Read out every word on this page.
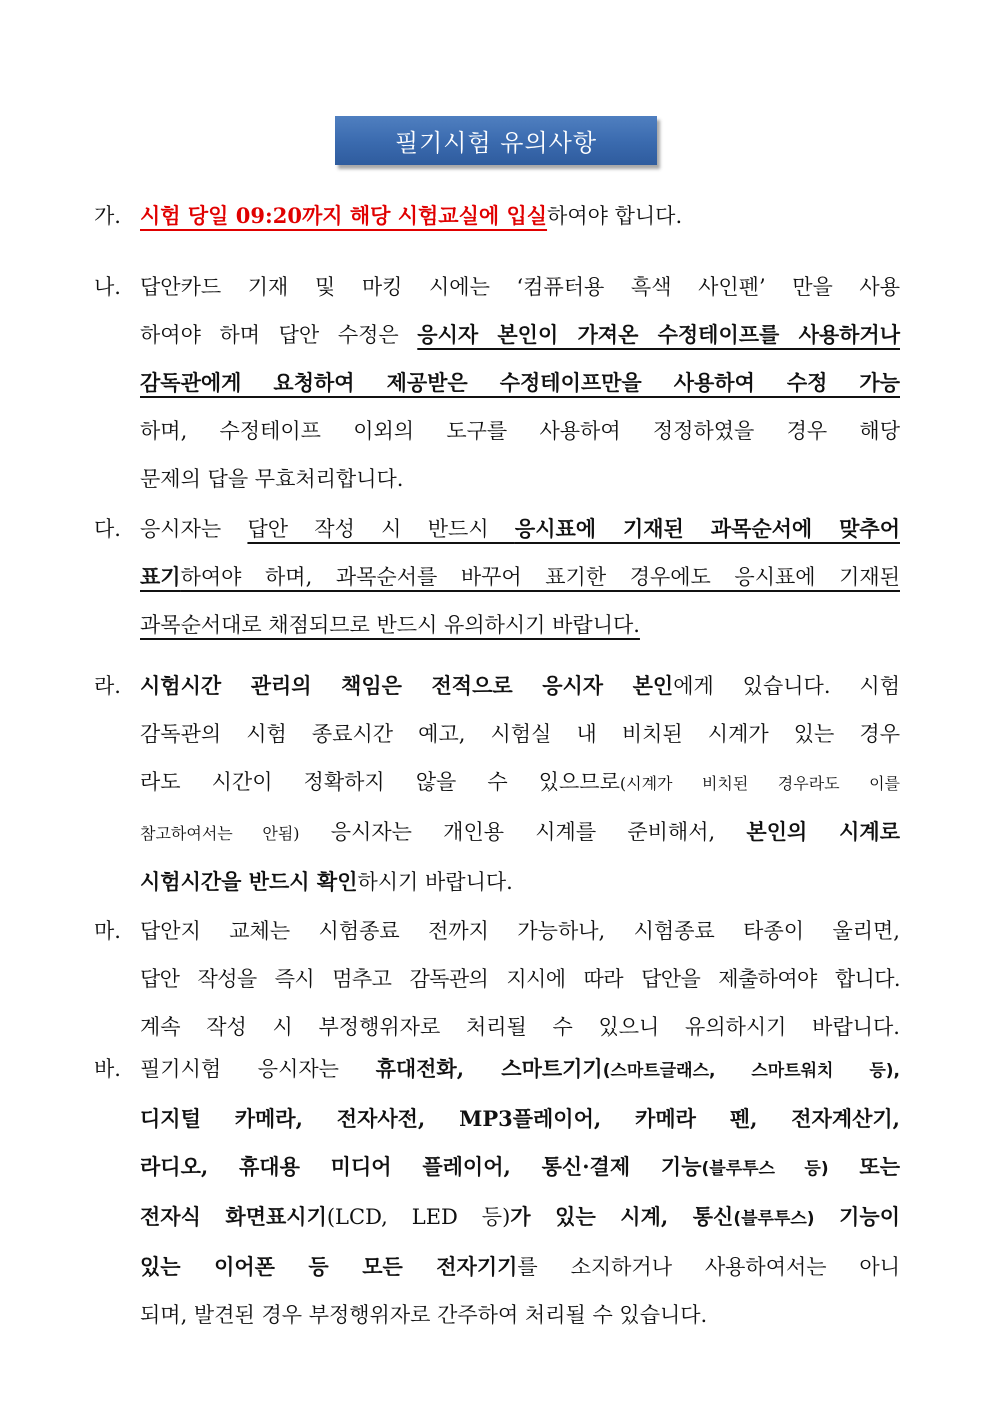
필기시험 유의사항
가. 시험 당일 09:20까지 해당 시험교실에 입실하여야 합니다.
나. 답안카드 기재 및 마킹 시에는 ‘컴퓨터용 흑색 사인펜’ 만을 사용
하여야 하며 답안 수정은 응시자 본인이 가져온 수정테이프를 사용하거나
감독관에게 요청하여 제공받은 수정테이프만을 사용하여 수정 가능
하며, 수정테이프 이외의 도구를 사용하여 정정하였을 경우 해당
문제의 답을 무효처리합니다.
다. 응시자는 답안 작성 시 반드시 응시표에 기재된 과목순서에 맞추어
표기하여야 하며, 과목순서를 바꾸어 표기한 경우에도 응시표에 기재된
과목순서대로 채점되므로 반드시 유의하시기 바랍니다.
라. 시험시간 관리의 책임은 전적으로 응시자 본인에게 있습니다. 시험
감독관의 시험 종료시간 예고, 시험실 내 비치된 시계가 있는 경우
라도 시간이 정확하지 않을 수 있으므로(시계가 비치된 경우라도 이를
참고하여서는 안됨) 응시자는 개인용 시계를 준비해서, 본인의 시계로
시험시간을 반드시 확인하시기 바랍니다.
마. 답안지 교체는 시험종료 전까지 가능하나, 시험종료 타종이 울리면,
답안 작성을 즉시 멈추고 감독관의 지시에 따라 답안을 제출하여야 합니다.
계속 작성 시 부정행위자로 처리될 수 있으니 유의하시기 바랍니다.
바. 필기시험 응시자는 휴대전화, 스마트기기(스마트글래스, 스마트워치 등),
디지털 카메라, 전자사전, MP3플레이어, 카메라 펜, 전자계산기,
라디오, 휴대용 미디어 플레이어, 통신·결제 기능(블루투스 등) 또는
전자식 화면표시기(LCD, LED 등)가 있는 시계, 통신(블루투스) 기능이
있는 이어폰 등 모든 전자기기를 소지하거나 사용하여서는 아니
되며, 발견된 경우 부정행위자로 간주하여 처리될 수 있습니다.
